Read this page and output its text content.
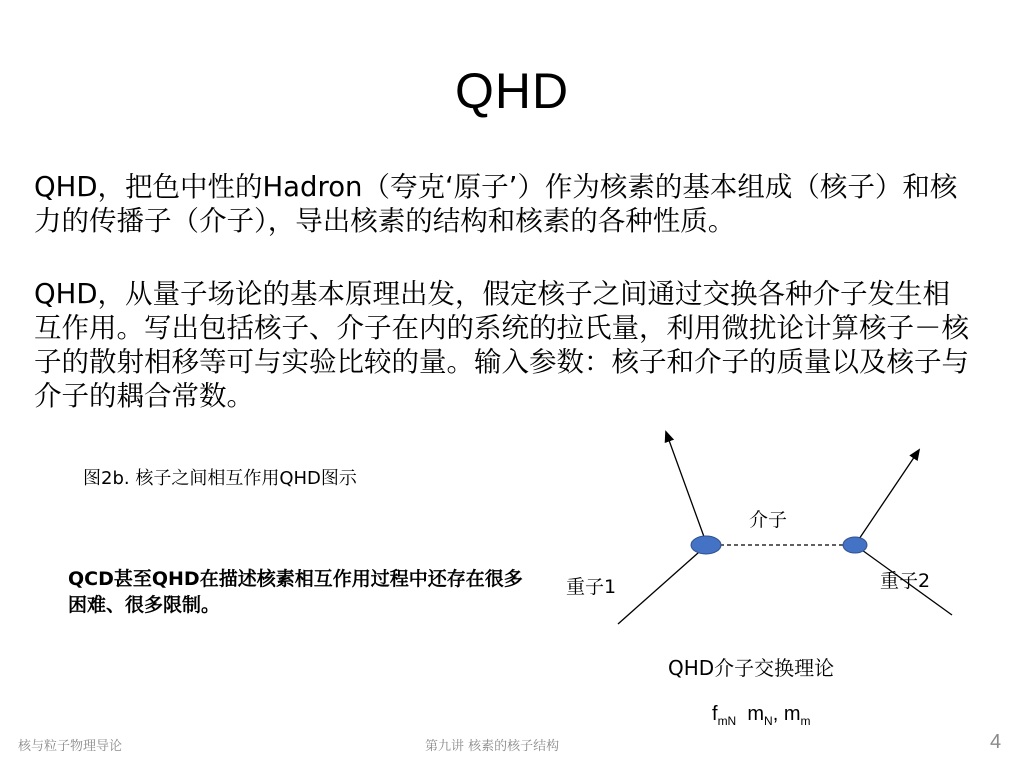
QHD

QHD，把色中性的Hadron（夸克‘原子’）作为核素的基本组成（核子）和核力的传播子（介子），导出核素的结构和核素的各种性质。

QHD，从量子场论的基本原理出发，假定核子之间通过交换各种介子发生相互作用。写出包括核子、介子在内的系统的拉氏量，利用微扰论计算核子－核子的散射相移等可与实验比较的量。输入参数：核子和介子的质量以及核子与介子的耦合常数。

图2b. 核子之间相互作用QHD图示

QCD甚至QHD在描述核素相互作用过程中还存在很多困难、很多限制。

介子
重子1	重子2
QHD介子交换理论
$f_{mN}$ $m_N$, $m_m$
核与粒子物理导论	第九讲 核素的核子结构	4
